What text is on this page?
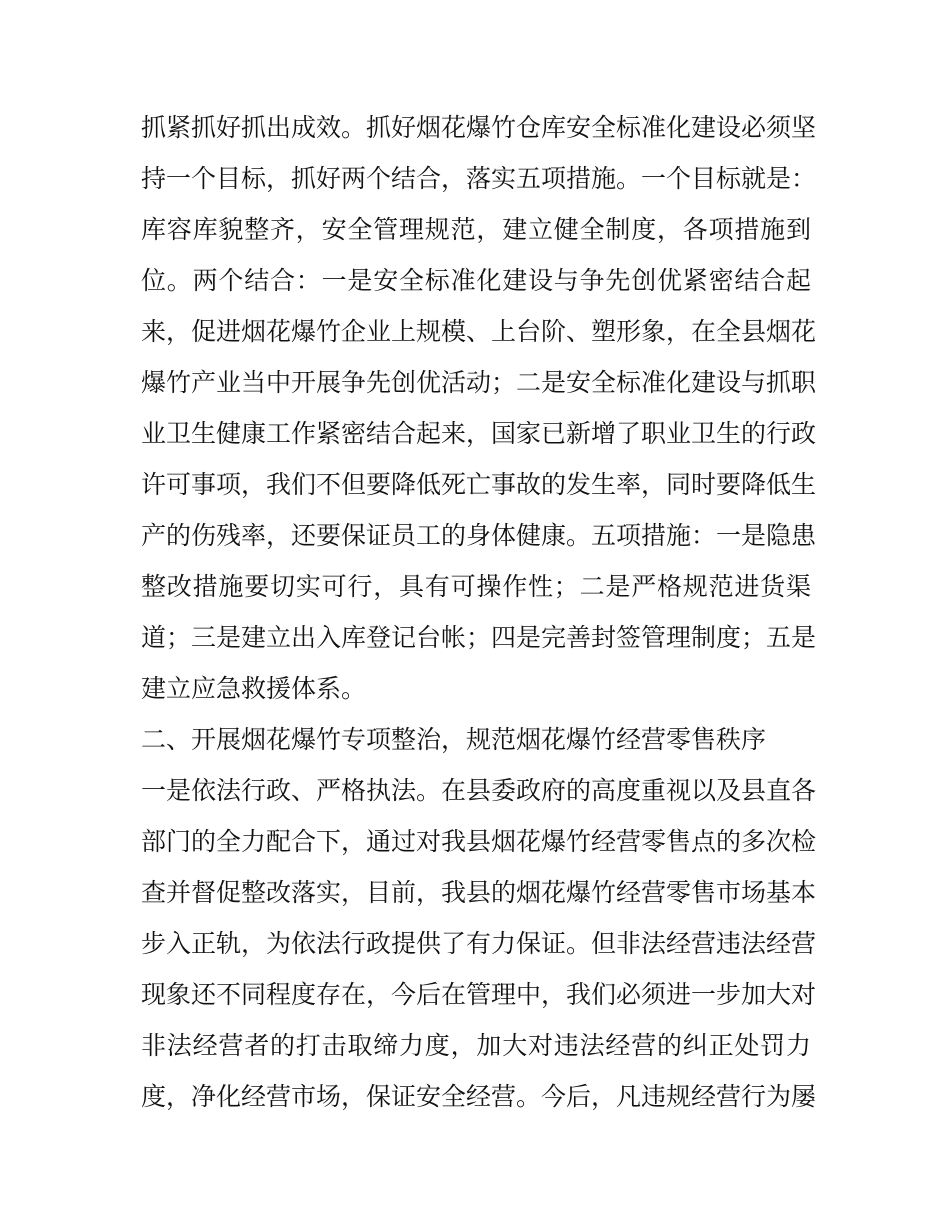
抓紧抓好抓出成效。抓好烟花爆竹仓库安全标准化建设必须坚
持一个目标，抓好两个结合，落实五项措施。一个目标就是：
库容库貌整齐，安全管理规范，建立健全制度，各项措施到
位。两个结合：一是安全标准化建设与争先创优紧密结合起
来，促进烟花爆竹企业上规模、上台阶、塑形象，在全县烟花
爆竹产业当中开展争先创优活动；二是安全标准化建设与抓职
业卫生健康工作紧密结合起来，国家已新增了职业卫生的行政
许可事项，我们不但要降低死亡事故的发生率，同时要降低生
产的伤残率，还要保证员工的身体健康。五项措施：一是隐患
整改措施要切实可行，具有可操作性；二是严格规范进货渠
道；三是建立出入库登记台帐；四是完善封签管理制度；五是
建立应急救援体系。
二、开展烟花爆竹专项整治，规范烟花爆竹经营零售秩序
一是依法行政、严格执法。在县委政府的高度重视以及县直各
部门的全力配合下，通过对我县烟花爆竹经营零售点的多次检
查并督促整改落实，目前，我县的烟花爆竹经营零售市场基本
步入正轨，为依法行政提供了有力保证。但非法经营违法经营
现象还不同程度存在，今后在管理中，我们必须进一步加大对
非法经营者的打击取缔力度，加大对违法经营的纠正处罚力
度，净化经营市场，保证安全经营。今后，凡违规经营行为屡
